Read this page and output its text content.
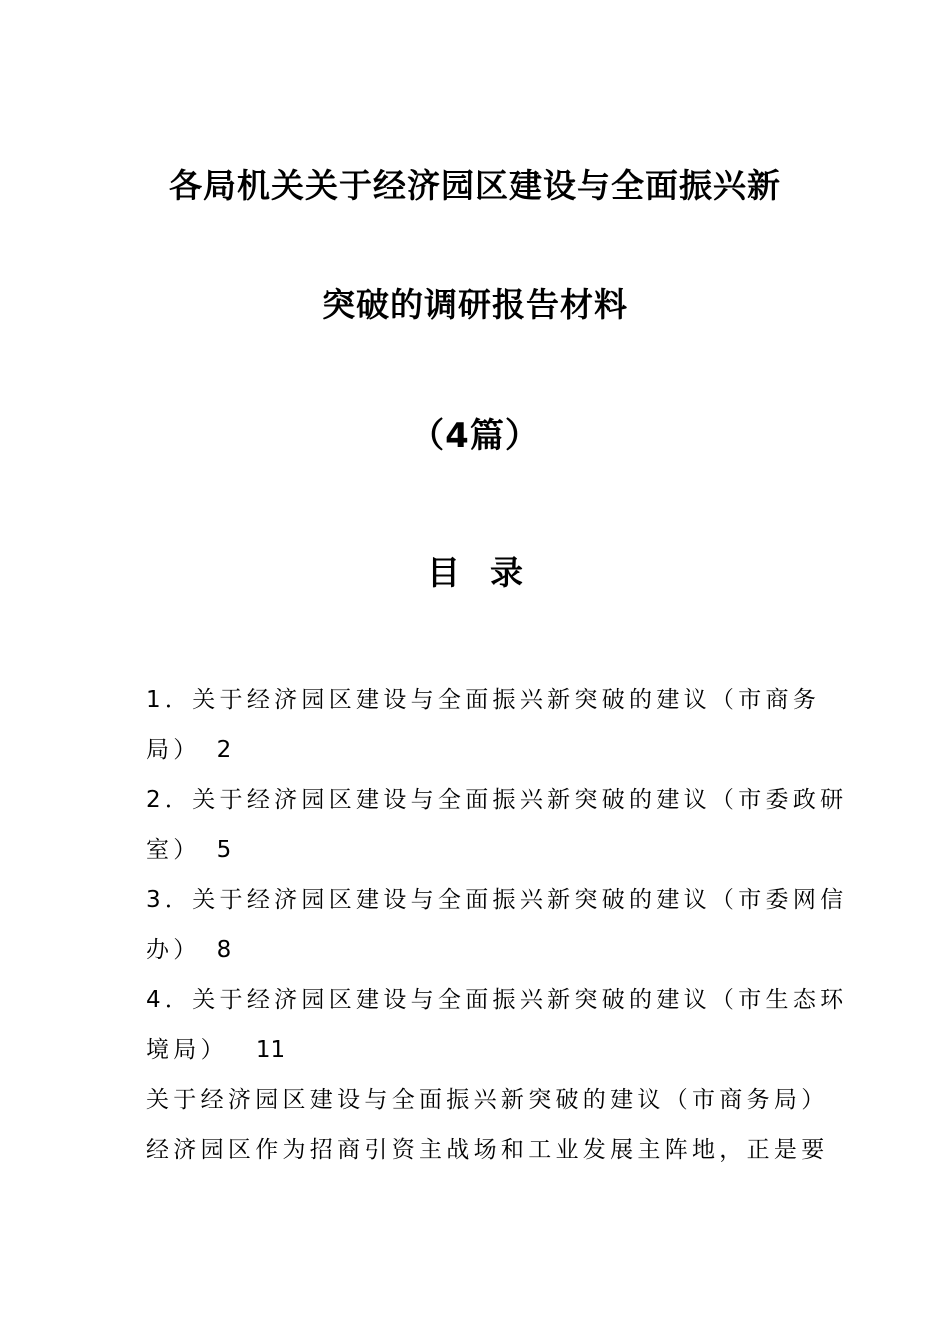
各局机关关于经济园区建设与全面振兴新
突破的调研报告材料
（4篇）
目 录
1．关于经济园区建设与全面振兴新突破的建议（市商务
局） 2
2．关于经济园区建设与全面振兴新突破的建议（市委政研
室） 5
3．关于经济园区建设与全面振兴新突破的建议（市委网信
办） 8
4．关于经济园区建设与全面振兴新突破的建议（市生态环
境局） 11
关于经济园区建设与全面振兴新突破的建议（市商务局）
经济园区作为招商引资主战场和工业发展主阵地，正是要
